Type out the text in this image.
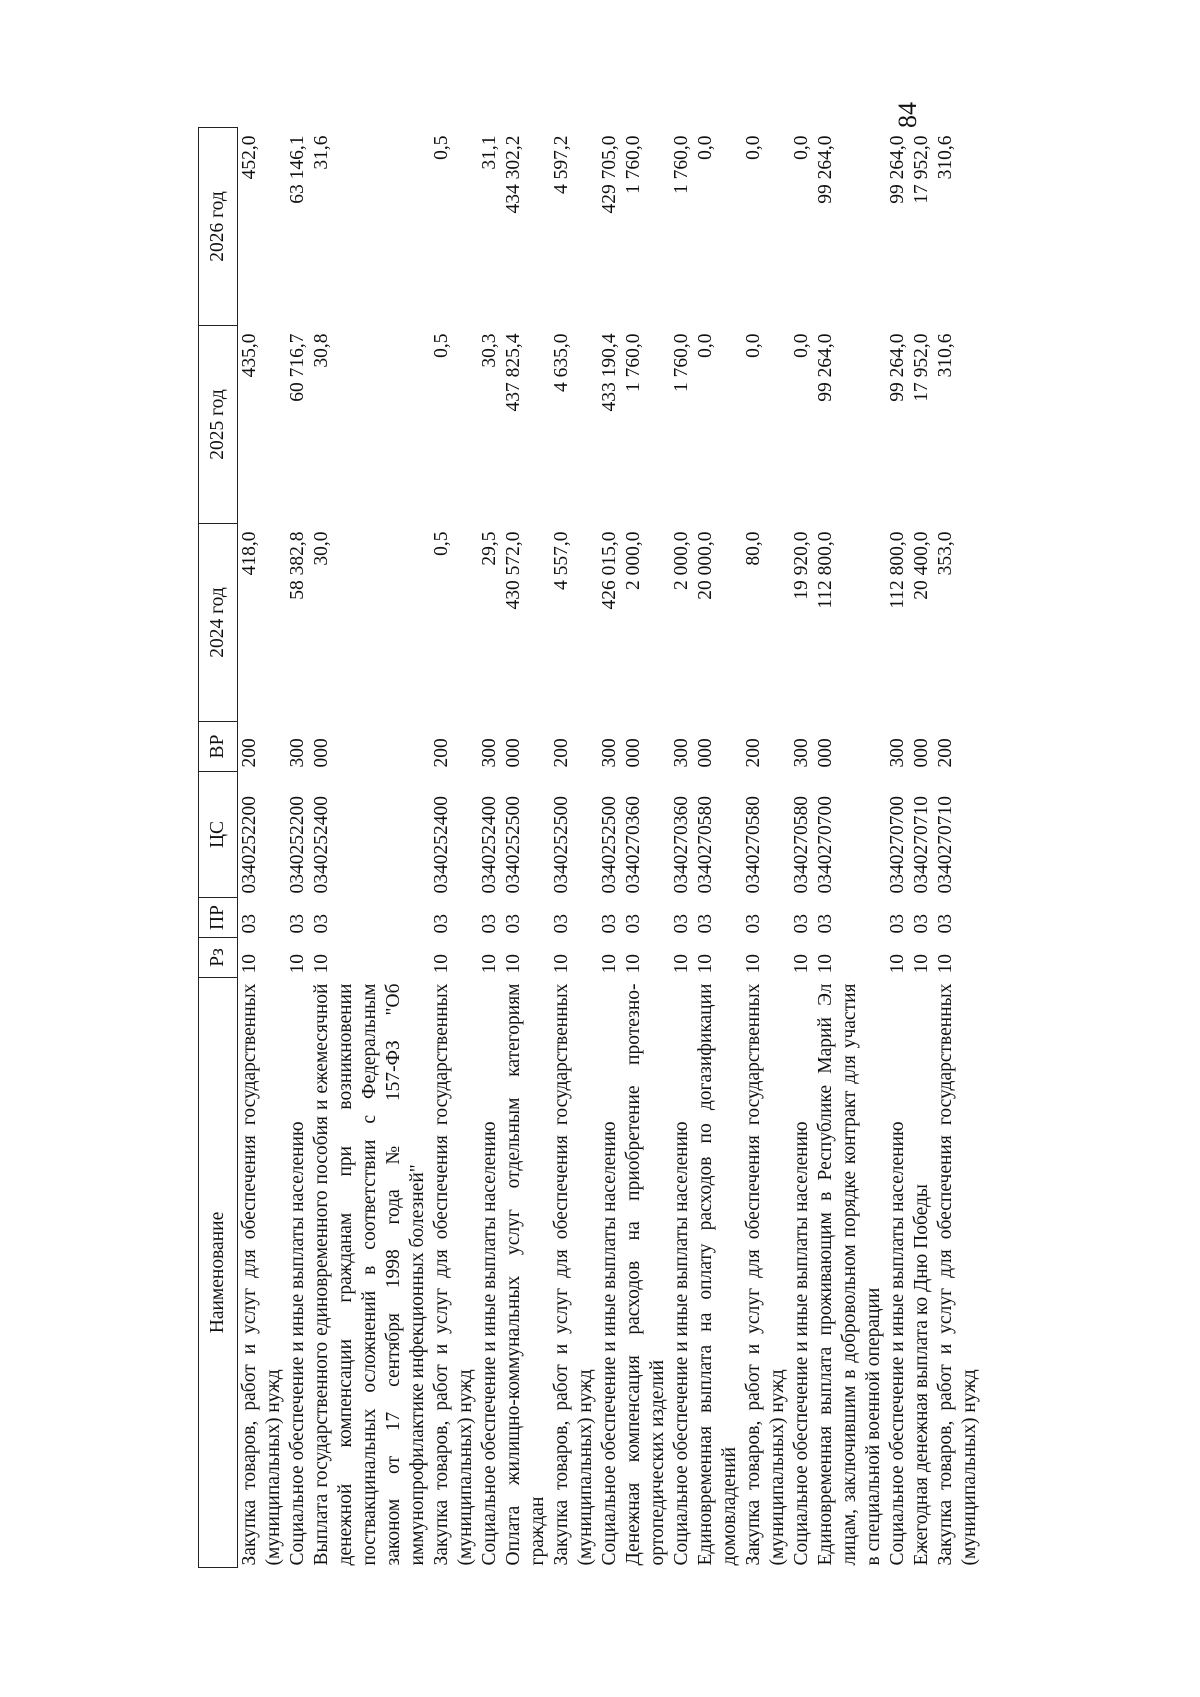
84
Наименование	Рз	ПР	ЦС	ВР	2024 год	2025 год	2026 год
Закупка товаров, работ и услуг для обеспечения государственных (муниципальных) нужд	10	03	0340252200	200	418,0	435,0	452,0
Социальное обеспечение и иные выплаты населению	10	03	0340252200	300	58 382,8	60 716,7	63 146,1
Выплата государственного единовременного пособия и ежемесячной денежной компенсации гражданам при возникновении поствакцинальных осложнений в соответствии с Федеральным законом от 17 сентября 1998 года № 157-ФЗ "Об иммунопрофилактике инфекционных болезней"	10	03	0340252400	000	30,0	30,8	31,6
Закупка товаров, работ и услуг для обеспечения государственных (муниципальных) нужд	10	03	0340252400	200	0,5	0,5	0,5
Социальное обеспечение и иные выплаты населению	10	03	0340252400	300	29,5	30,3	31,1
Оплата жилищно-коммунальных услуг отдельным категориям граждан	10	03	0340252500	000	430 572,0	437 825,4	434 302,2
Закупка товаров, работ и услуг для обеспечения государственных (муниципальных) нужд	10	03	0340252500	200	4 557,0	4 635,0	4 597,2
Социальное обеспечение и иные выплаты населению	10	03	0340252500	300	426 015,0	433 190,4	429 705,0
Денежная компенсация расходов на приобретение протезно-ортопедических изделий	10	03	0340270360	000	2 000,0	1 760,0	1 760,0
Социальное обеспечение и иные выплаты населению	10	03	0340270360	300	2 000,0	1 760,0	1 760,0
Единовременная выплата на оплату расходов по догазификации домовладений	10	03	0340270580	000	20 000,0	0,0	0,0
Закупка товаров, работ и услуг для обеспечения государственных (муниципальных) нужд	10	03	0340270580	200	80,0	0,0	0,0
Социальное обеспечение и иные выплаты населению	10	03	0340270580	300	19 920,0	0,0	0,0
Единовременная выплата проживающим в Республике Марий Эл лицам, заключившим в добровольном порядке контракт для участия в специальной военной операции	10	03	0340270700	000	112 800,0	99 264,0	99 264,0
Социальное обеспечение и иные выплаты населению	10	03	0340270700	300	112 800,0	99 264,0	99 264,0
Ежегодная денежная выплата ко Дню Победы	10	03	0340270710	000	20 400,0	17 952,0	17 952,0
Закупка товаров, работ и услуг для обеспечения государственных (муниципальных) нужд	10	03	0340270710	200	353,0	310,6	310,6
